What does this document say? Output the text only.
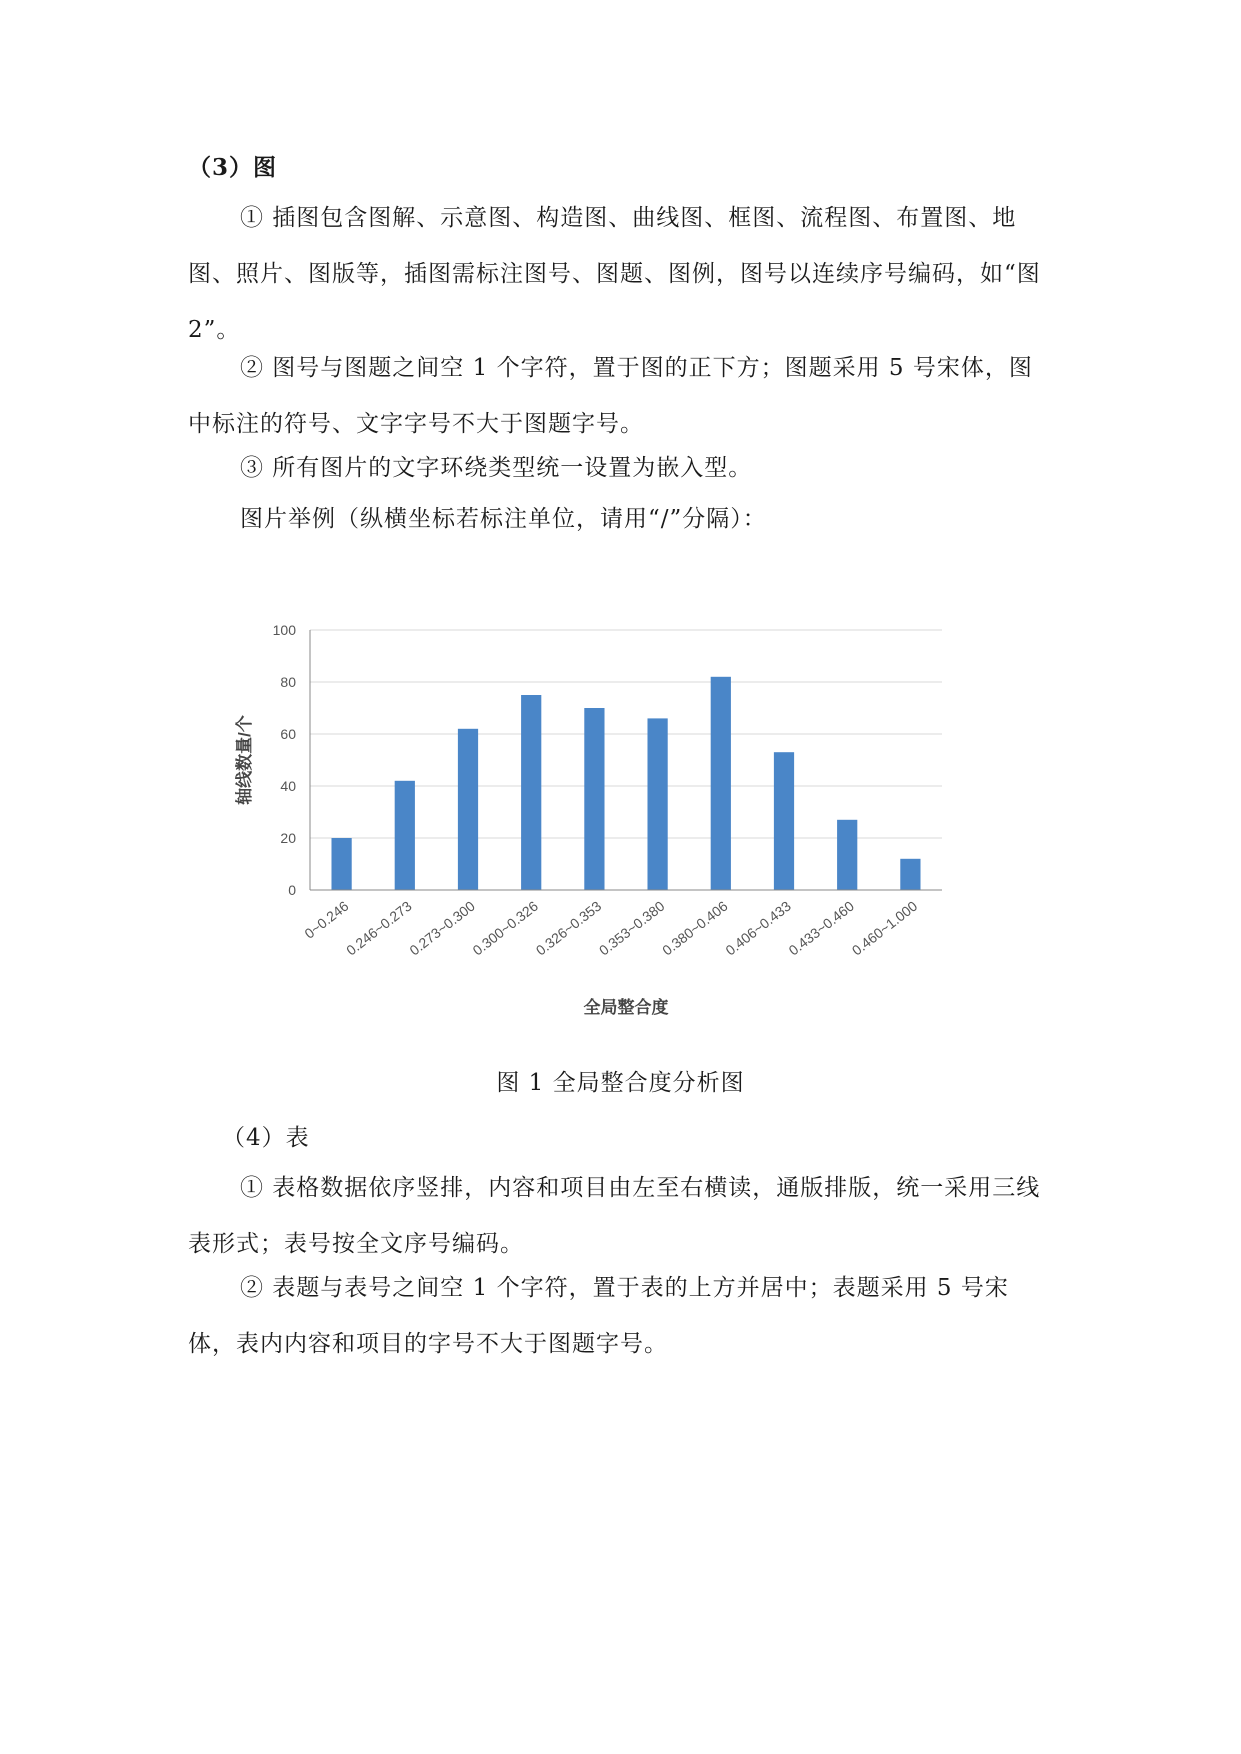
（3）图

① 插图包含图解、示意图、构造图、曲线图、框图、流程图、布置图、地图、照片、图版等，插图需标注图号、图题、图例，图号以连续序号编码，如“图2”。

② 图号与图题之间空 1 个字符，置于图的正下方；图题采用 5 号宋体，图中标注的符号、文字字号不大于图题字号。

③ 所有图片的文字环绕类型统一设置为嵌入型。

图片举例（纵横坐标若标注单位，请用“/”分隔）：

0
20
40
60
80
100
0~0.246
0.246~0.273
0.273~0.300
0.300~0.326
0.326~0.353
0.353~0.380
0.380~0.406
0.406~0.433
0.433~0.460
0.460~1.000
轴线数量/个
全局整合度
图 1 全局整合度分析图

（4）表

① 表格数据依序竖排，内容和项目由左至右横读，通版排版，统一采用三线表形式；表号按全文序号编码。

② 表题与表号之间空 1 个字符，置于表的上方并居中；表题采用 5 号宋体，表内内容和项目的字号不大于图题字号。
